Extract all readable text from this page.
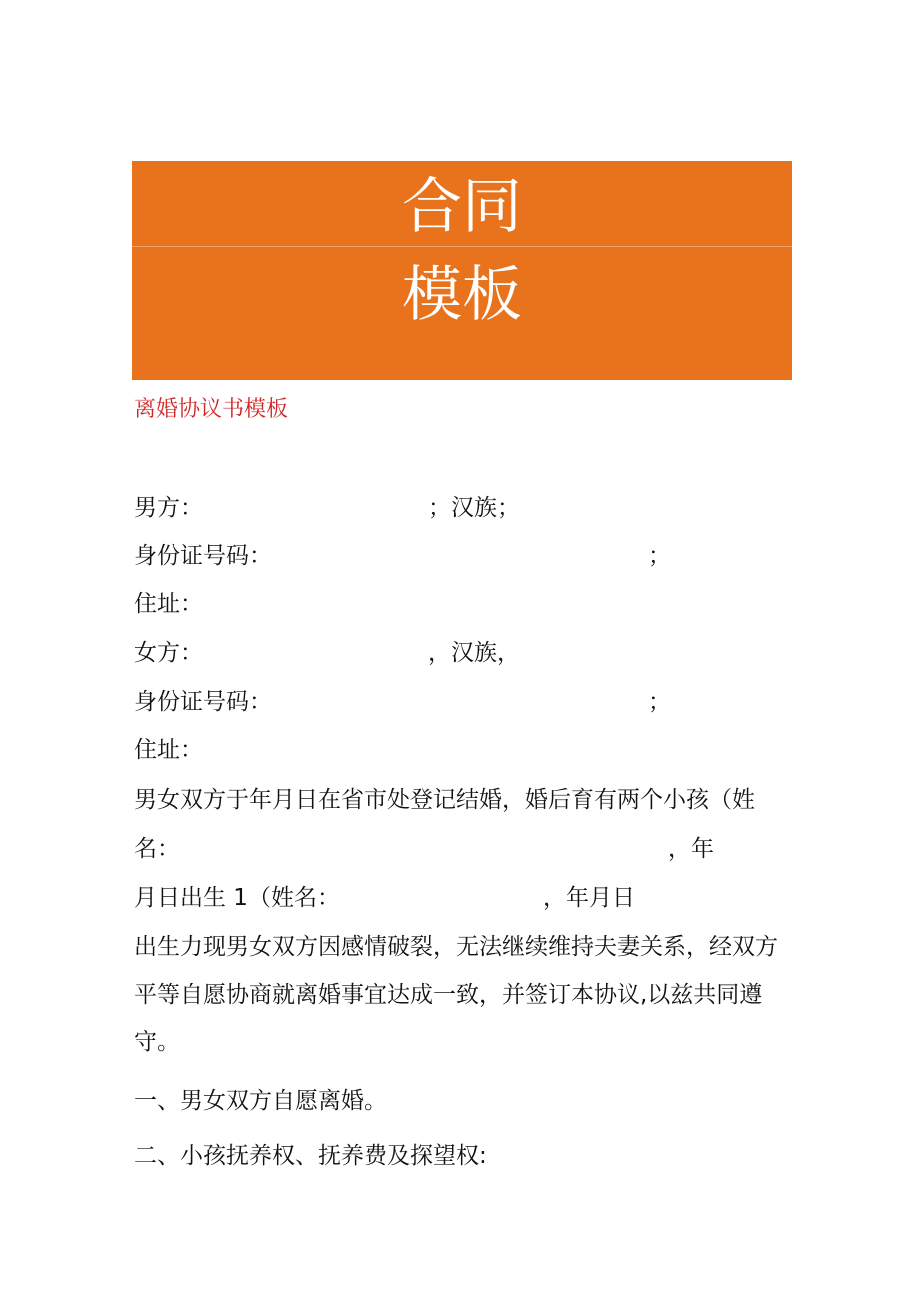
合同
模板
离婚协议书模板
男方：	；汉族；
身份证号码：	；
住址：
女方：	，汉族，
身份证号码：	；
住址：
男女双方于年月日在省市处登记结婚，婚后育有两个小孩（姓
名：	，年
月日出生 1（姓名：	，年月日
出生力现男女双方因感情破裂，无法继续维持夫妻关系，经双方
平等自愿协商就离婚事宜达成一致，并签订本协议,以兹共同遵
守。
一、男女双方自愿离婚。
二、小孩抚养权、抚养费及探望权:
